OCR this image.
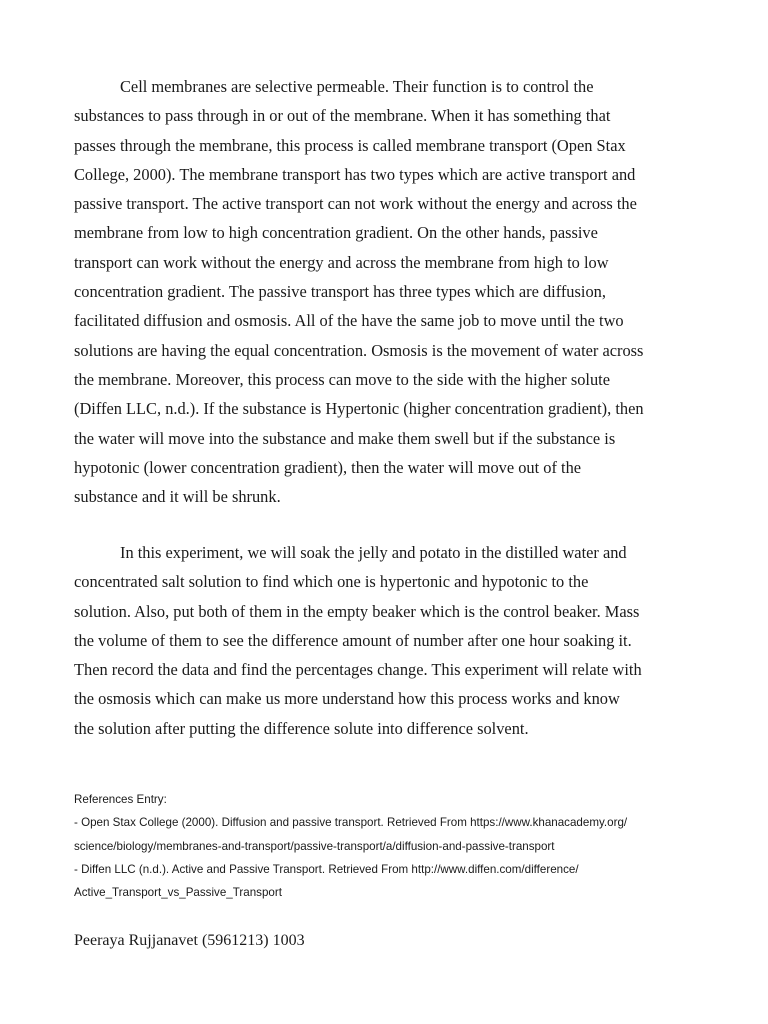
Cell membranes are selective permeable. Their function is to control the
substances to pass through in or out of the membrane. When it has something that
passes through the membrane, this process is called membrane transport (Open Stax
College, 2000). The membrane transport has two types which are active transport and
passive transport. The active transport can not work without the energy and across the
membrane from low to high concentration gradient. On the other hands, passive
transport can work without the energy and across the membrane from high to low
concentration gradient. The passive transport has three types which are diffusion,
facilitated diffusion and osmosis. All of the have the same job to move until the two
solutions are having the equal concentration. Osmosis is the movement of water across
the membrane. Moreover, this process can move to the side with the higher solute
(Diffen LLC, n.d.). If the substance is Hypertonic (higher concentration gradient), then
the water will move into the substance and make them swell but if the substance is
hypotonic (lower concentration gradient), then the water will move out of the
substance and it will be shrunk.
In this experiment, we will soak the jelly and potato in the distilled water and
concentrated salt solution to find which one is hypertonic and hypotonic to the
solution. Also, put both of them in the empty beaker which is the control beaker. Mass
the volume of them to see the difference amount of number after one hour soaking it.
Then record the data and find the percentages change. This experiment will relate with
the osmosis which can make us more understand how this process works and know
the solution after putting the difference solute into difference solvent.
References Entry:
- Open Stax College (2000). Diffusion and passive transport. Retrieved From https://www.khanacademy.org/
science/biology/membranes-and-transport/passive-transport/a/diffusion-and-passive-transport
- Diffen LLC (n.d.). Active and Passive Transport. Retrieved From http://www.diffen.com/difference/
Active_Transport_vs_Passive_Transport
Peeraya Rujjanavet (5961213) 1003
